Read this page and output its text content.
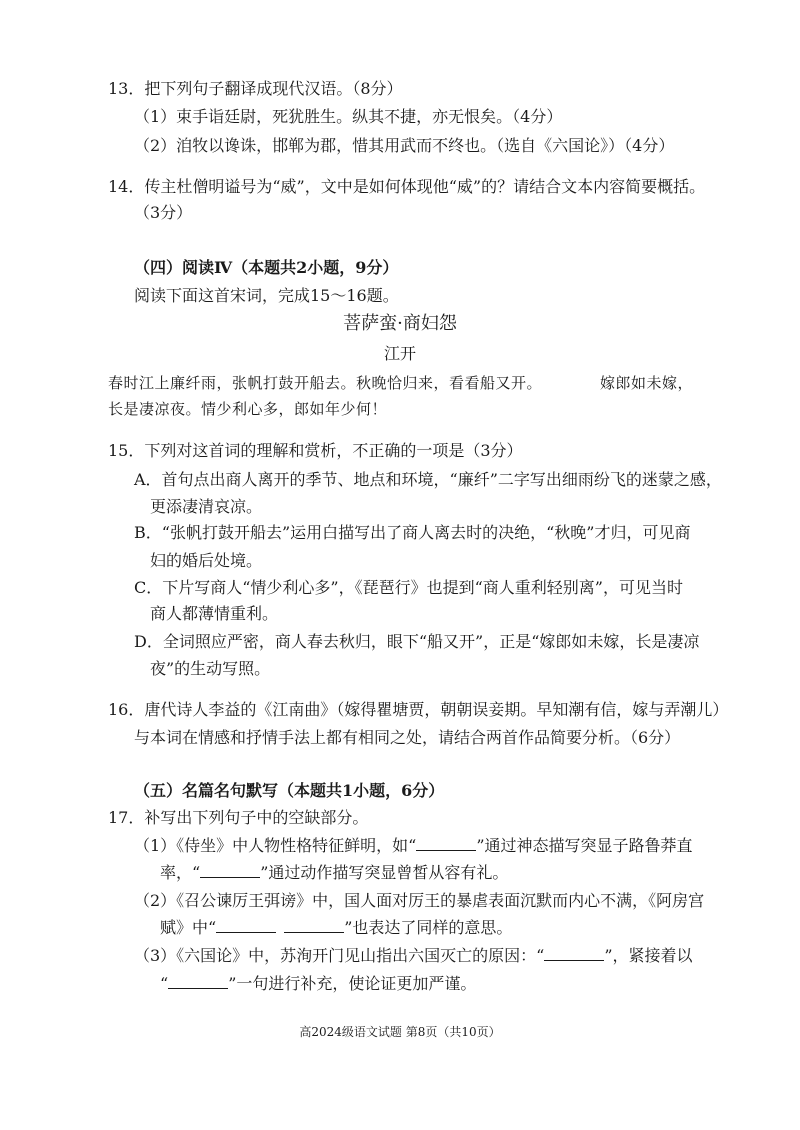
13．把下列句子翻译成现代汉语。（8分）
（1）束手诣廷尉，死犹胜生。纵其不捷，亦无恨矣。（4分）
（2）洎牧以谗诛，邯郸为郡，惜其用武而不终也。（选自《六国论》）（4分）
14．传主杜僧明谥号为“威”，文中是如何体现他“威”的？请结合文本内容简要概括。
（3分）
（四）阅读Ⅳ（本题共2小题，9分）
阅读下面这首宋词，完成15～16题。
菩萨蛮·商妇怨
江开
春时江上廉纤雨，张帆打鼓开船去。秋晚恰归来，看看船又开。	嫁郎如未嫁，
长是凄凉夜。情少利心多，郎如年少何！
15．下列对这首词的理解和赏析，不正确的一项是（3分）
A．首句点出商人离开的季节、地点和环境，“廉纤”二字写出细雨纷飞的迷蒙之感，
更添凄清哀凉。
B．“张帆打鼓开船去”运用白描写出了商人离去时的决绝，“秋晚”才归，可见商
妇的婚后处境。
C．下片写商人“情少利心多”，《琵琶行》也提到“商人重利轻别离”，可见当时
商人都薄情重利。
D．全词照应严密，商人春去秋归，眼下“船又开”，正是“嫁郎如未嫁，长是凄凉
夜”的生动写照。
16．唐代诗人李益的《江南曲》（嫁得瞿塘贾，朝朝误妾期。早知潮有信，嫁与弄潮儿）
与本词在情感和抒情手法上都有相同之处，请结合两首作品简要分析。（6分）
（五）名篇名句默写（本题共1小题，6分）
17．补写出下列句子中的空缺部分。
（1）《侍坐》中人物性格特征鲜明，如“	”通过神态描写突显子路鲁莽直
率，“	”通过动作描写突显曾皙从容有礼。
（2）《召公谏厉王弭谤》中，国人面对厉王的暴虐表面沉默而内心不满，《阿房宫
赋》中“	”也表达了同样的意思。
（3）《六国论》中，苏洵开门见山指出六国灭亡的原因：“	”，紧接着以
“	”一句进行补充，使论证更加严谨。
高2024级语文试题 第8页（共10页）
